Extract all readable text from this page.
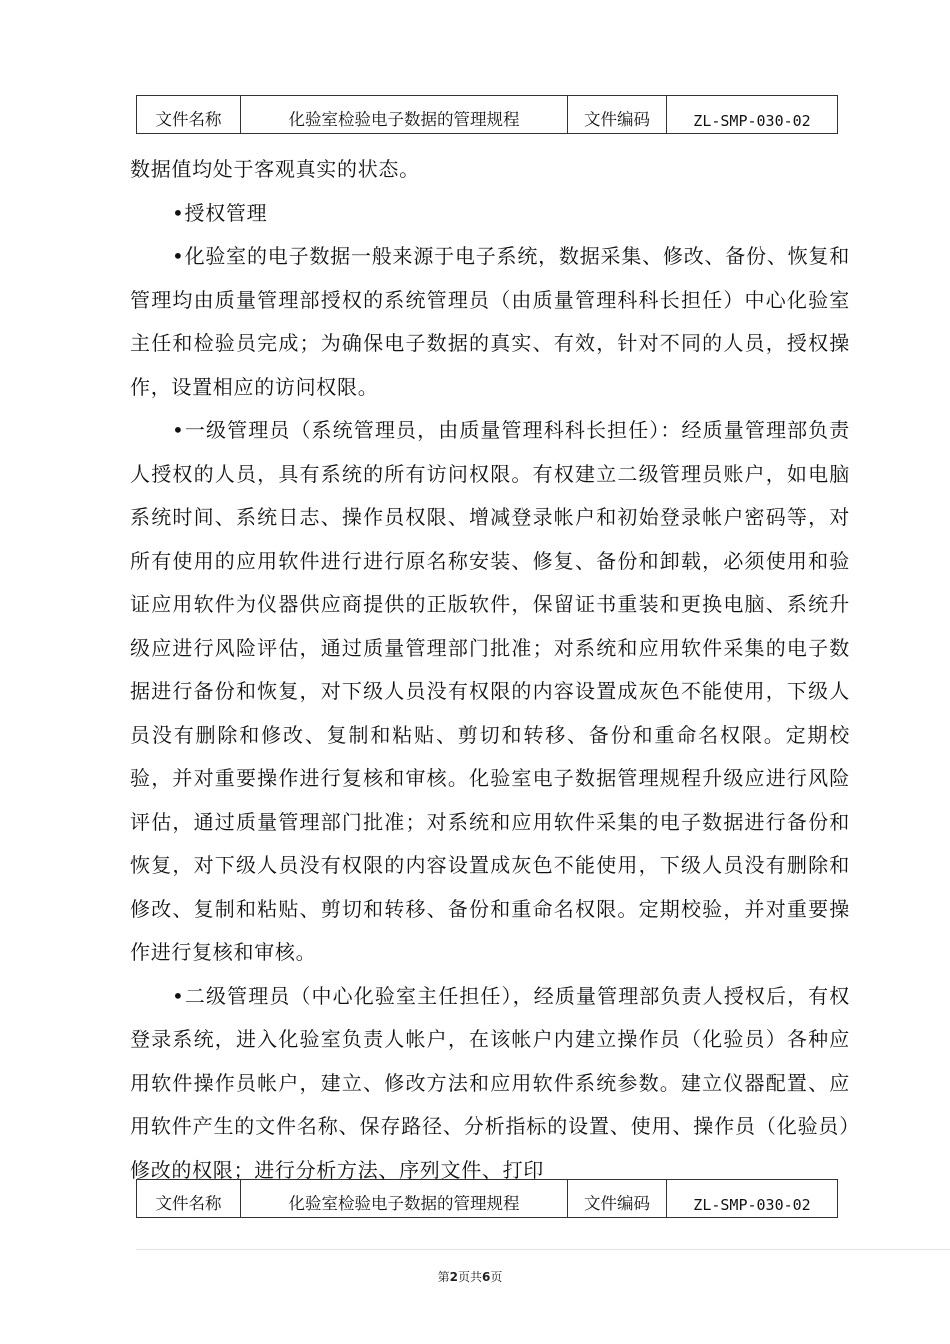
文件名称	化验室检验电子数据的管理规程	文件编码	ZL-SMP-030-02

数据值均处于客观真实的状态。

•授权管理

•化验室的电子数据一般来源于电子系统，数据采集、修改、备份、恢复和管理均由质量管理部授权的系统管理员（由质量管理科科长担任）中心化验室主任和检验员完成；为确保电子数据的真实、有效，针对不同的人员，授权操作，设置相应的访问权限。

•一级管理员（系统管理员，由质量管理科科长担任）：经质量管理部负责人授权的人员，具有系统的所有访问权限。有权建立二级管理员账户，如电脑系统时间、系统日志、操作员权限、增减登录帐户和初始登录帐户密码等，对所有使用的应用软件进行进行原名称安装、修复、备份和卸载，必须使用和验证应用软件为仪器供应商提供的正版软件，保留证书重装和更换电脑、系统升级应进行风险评估，通过质量管理部门批准；对系统和应用软件采集的电子数据进行备份和恢复，对下级人员没有权限的内容设置成灰色不能使用，下级人员没有删除和修改、复制和粘贴、剪切和转移、备份和重命名权限。定期校验，并对重要操作进行复核和审核。化验室电子数据管理规程升级应进行风险评估，通过质量管理部门批准；对系统和应用软件采集的电子数据进行备份和恢复，对下级人员没有权限的内容设置成灰色不能使用，下级人员没有删除和修改、复制和粘贴、剪切和转移、备份和重命名权限。定期校验，并对重要操作进行复核和审核。

•二级管理员（中心化验室主任担任），经质量管理部负责人授权后，有权登录系统，进入化验室负责人帐户，在该帐户内建立操作员（化验员）各种应用软件操作员帐户，建立、修改方法和应用软件系统参数。建立仪器配置、应用软件产生的文件名称、保存路径、分析指标的设置、使用、操作员（化验员）修改的权限；进行分析方法、序列文件、打印

文件名称	化验室检验电子数据的管理规程	文件编码	ZL-SMP-030-02
第2页共6页
